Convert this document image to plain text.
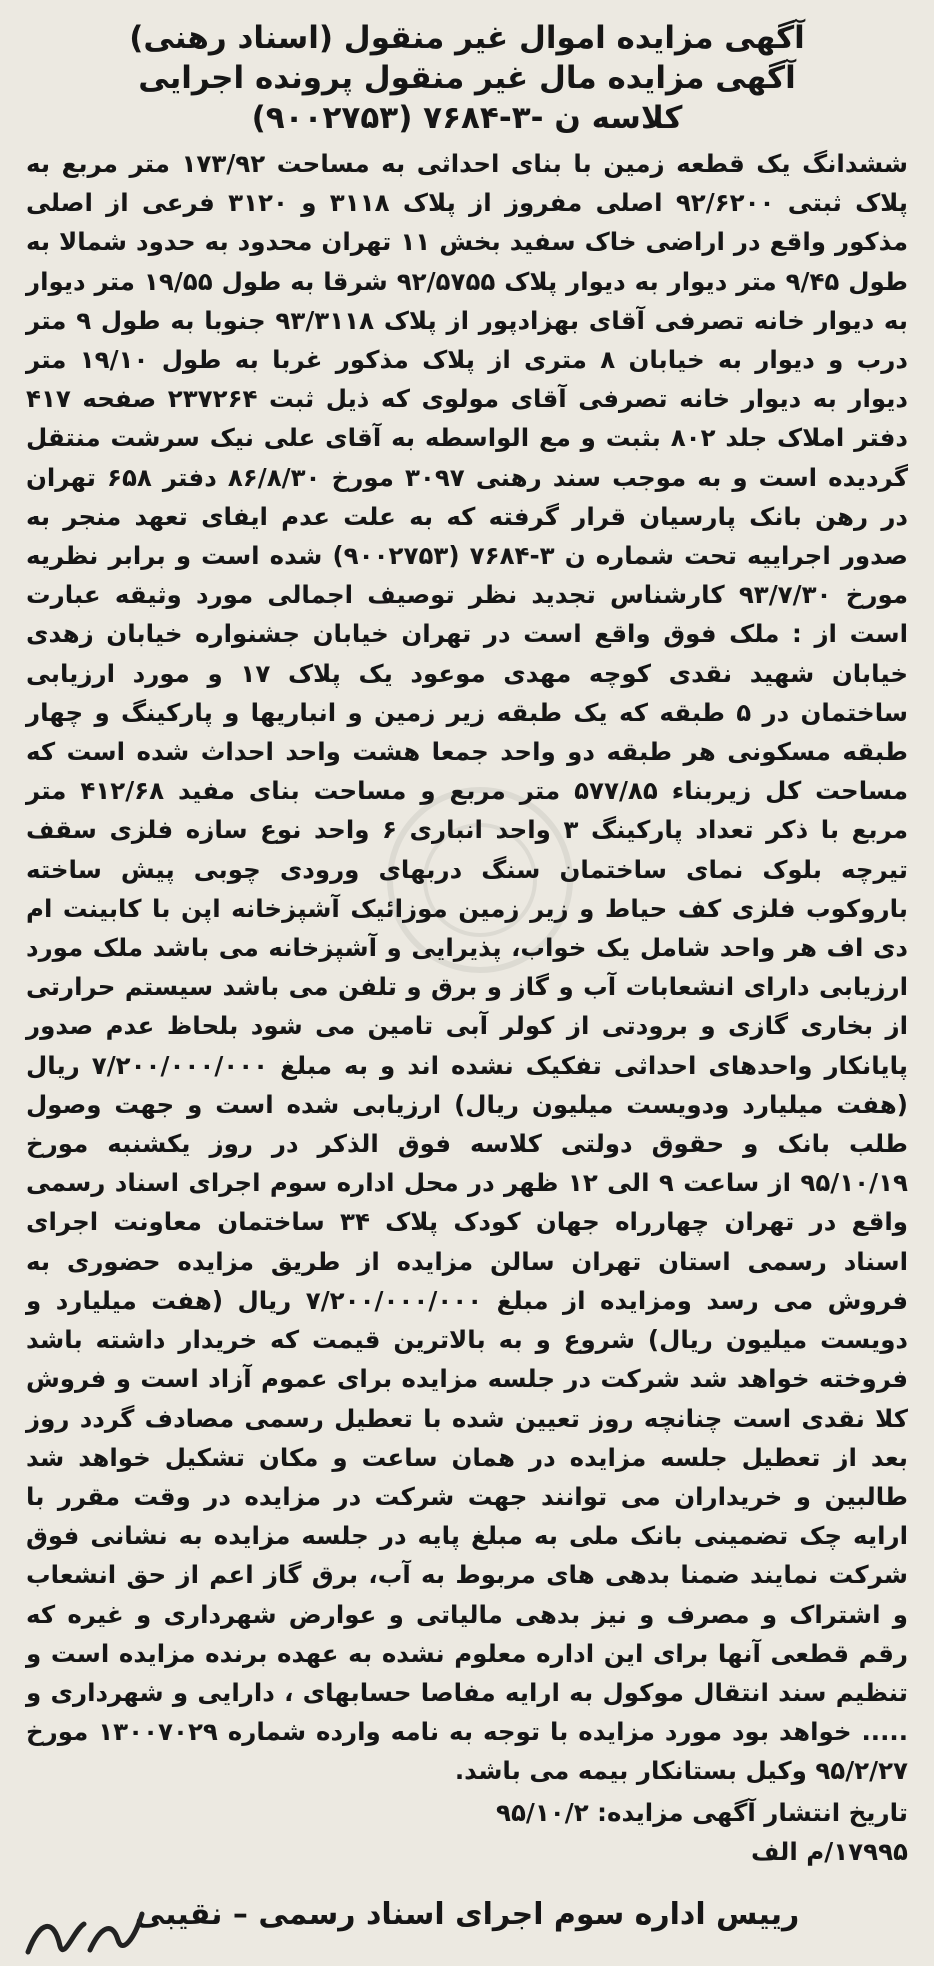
آگهی مزایده اموال غیر منقول (اسناد رهنی)

آگهی مزایده مال غیر منقول پرونده اجرایی

کلاسه ن -۳-۷۶۸۴ (۹۰۰۲۷۵۳)

ششدانگ یک قطعه زمین با بنای احداثی به مساحت ۱۷۳/۹۲ متر مربع به پلاک ثبتی ۹۲/۶۲۰۰ اصلی مفروز از پلاک ۳۱۱۸ و ۳۱۲۰ فرعی از اصلی مذکور واقع در اراضی خاک سفید بخش ۱۱ تهران محدود به حدود شمالا به طول ۹/۴۵ متر دیوار به دیوار پلاک ۹۲/۵۷۵۵ شرقا به طول ۱۹/۵۵ متر دیوار به دیوار خانه تصرفی آقای بهزادپور از پلاک ۹۳/۳۱۱۸ جنوبا به طول ۹ متر درب و دیوار به خیابان ۸ متری از پلاک مذکور غربا به طول ۱۹/۱۰ متر دیوار به دیوار خانه تصرفی آقای مولوی که ذیل ثبت ۲۳۷۲۶۴ صفحه ۴۱۷ دفتر املاک جلد ۸۰۲ بثبت و مع الواسطه به آقای علی نیک سرشت منتقل گردیده است و به موجب سند رهنی ۳۰۹۷ مورخ ۸۶/۸/۳۰ دفتر ۶۵۸ تهران در رهن بانک پارسیان قرار گرفته که به علت عدم ایفای تعهد منجر به صدور اجراییه تحت شماره ن ۳-۷۶۸۴ (۹۰۰۲۷۵۳) شده است و برابر نظریه مورخ ۹۳/۷/۳۰ کارشناس تجدید نظر توصیف اجمالی مورد وثیقه عبارت است از : ملک فوق واقع است در تهران خیابان جشنواره خیابان زهدی خیابان شهید نقدی کوچه مهدی موعود یک پلاک ۱۷ و مورد ارزیابی ساختمان در ۵ طبقه که یک طبقه زیر زمین و انباریها و پارکینگ و چهار طبقه مسکونی هر طبقه دو واحد جمعا هشت واحد احداث شده است که مساحت کل زیربناء ۵۷۷/۸۵ متر مربع و مساحت بنای مفید ۴۱۲/۶۸ متر مربع با ذکر تعداد پارکینگ ۳ واحد انباری ۶ واحد نوع سازه فلزی سقف تیرچه بلوک نمای ساختمان سنگ دربهای ورودی چوبی پیش ساخته باروکوب فلزی کف حیاط و زیر زمین موزائیک آشپزخانه اپن با کابینت ام دی اف هر واحد شامل یک خواب، پذیرایی و آشپزخانه می باشد ملک مورد ارزیابی دارای انشعابات آب و گاز و برق و تلفن می باشد سیستم حرارتی از بخاری گازی و برودتی از کولر آبی تامین می شود بلحاظ عدم صدور پایانکار واحدهای احداثی تفکیک نشده اند و به مبلغ ۷/۲۰۰/۰۰۰/۰۰۰ ریال (هفت میلیارد ودویست میلیون ریال) ارزیابی شده است و جهت وصول طلب بانک و حقوق دولتی کلاسه فوق الذکر در روز یکشنبه مورخ ۹۵/۱۰/۱۹ از ساعت ۹ الی ۱۲ ظهر در محل اداره سوم اجرای اسناد رسمی واقع در تهران چهارراه جهان کودک پلاک ۳۴ ساختمان معاونت اجرای اسناد رسمی استان تهران سالن مزایده از طریق مزایده حضوری به فروش می رسد ومزایده از مبلغ ۷/۲۰۰/۰۰۰/۰۰۰ ریال (هفت میلیارد و دویست میلیون ریال) شروع و به بالاترین قیمت که خریدار داشته باشد فروخته خواهد شد شرکت در جلسه مزایده برای عموم آزاد است و فروش کلا نقدی است چنانچه روز تعیین شده با تعطیل رسمی مصادف گردد روز بعد از تعطیل جلسه مزایده در همان ساعت و مکان تشکیل خواهد شد طالبین و خریداران می توانند جهت شرکت در مزایده در وقت مقرر با ارایه چک تضمینی بانک ملی به مبلغ پایه در جلسه مزایده به نشانی فوق شرکت نمایند ضمنا بدهی های مربوط به آب، برق گاز اعم از حق انشعاب و اشتراک و مصرف و نیز بدهی مالیاتی و عوارض شهرداری و غیره که رقم قطعی آنها برای این اداره معلوم نشده به عهده برنده مزایده است و تنظیم سند انتقال موکول به ارایه مفاصا حسابهای ، دارایی و شهرداری و ..... خواهد بود مورد مزایده با توجه به نامه وارده شماره ۱۳۰۰۷۰۲۹ مورخ ۹۵/۲/۲۷ وکیل بستانکار بیمه می باشد.

تاریخ انتشار آگهی مزایده: ۹۵/۱۰/۲
۱۷۹۹۵/م الف
رییس اداره سوم اجرای اسناد رسمی – نقیبی
